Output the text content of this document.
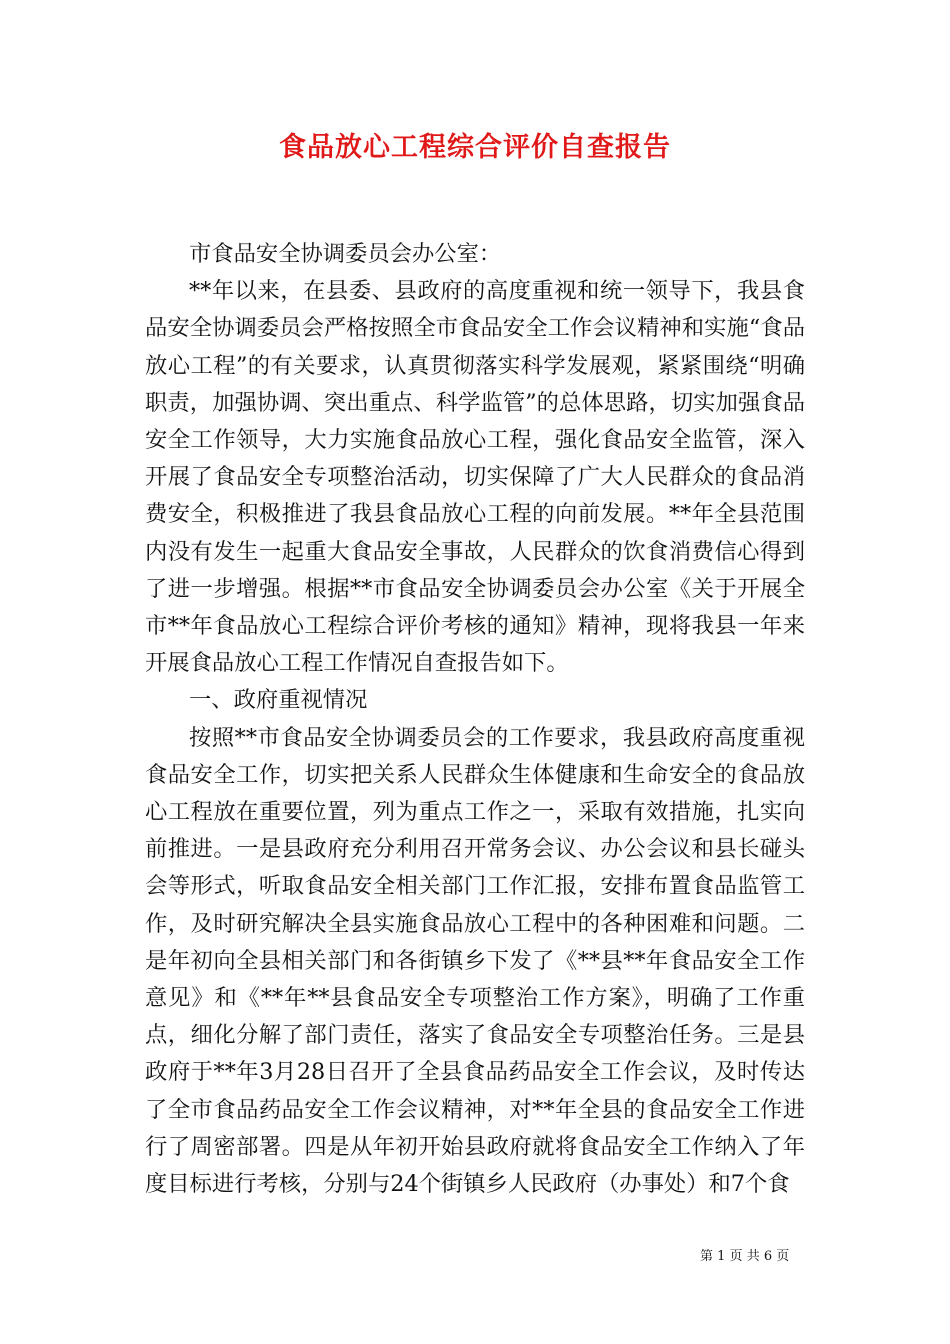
食品放心工程综合评价自查报告

市食品安全协调委员会办公室：

**年以来，在县委、县政府的高度重视和统一领导下，我县食品安全协调委员会严格按照全市食品安全工作会议精神和实施“食品放心工程”的有关要求，认真贯彻落实科学发展观，紧紧围绕“明确职责，加强协调、突出重点、科学监管”的总体思路，切实加强食品安全工作领导，大力实施食品放心工程，强化食品安全监管，深入开展了食品安全专项整治活动，切实保障了广大人民群众的食品消费安全，积极推进了我县食品放心工程的向前发展。**年全县范围内没有发生一起重大食品安全事故，人民群众的饮食消费信心得到了进一步增强。根据**市食品安全协调委员会办公室《关于开展全市**年食品放心工程综合评价考核的通知》精神，现将我县一年来开展食品放心工程工作情况自查报告如下。

一、政府重视情况

按照**市食品安全协调委员会的工作要求，我县政府高度重视食品安全工作，切实把关系人民群众生体健康和生命安全的食品放心工程放在重要位置，列为重点工作之一，采取有效措施，扎实向前推进。一是县政府充分利用召开常务会议、办公会议和县长碰头会等形式，听取食品安全相关部门工作汇报，安排布置食品监管工作，及时研究解决全县实施食品放心工程中的各种困难和问题。二是年初向全县相关部门和各街镇乡下发了《**县**年食品安全工作意见》和《**年**县食品安全专项整治工作方案》，明确了工作重点，细化分解了部门责任，落实了食品安全专项整治任务。三是县政府于**年3月28日召开了全县食品药品安全工作会议，及时传达了全市食品药品安全工作会议精神，对**年全县的食品安全工作进行了周密部署。四是从年初开始县政府就将食品安全工作纳入了年度目标进行考核，分别与24个街镇乡人民政府（办事处）和7个食

第 1 页 共 6 页
